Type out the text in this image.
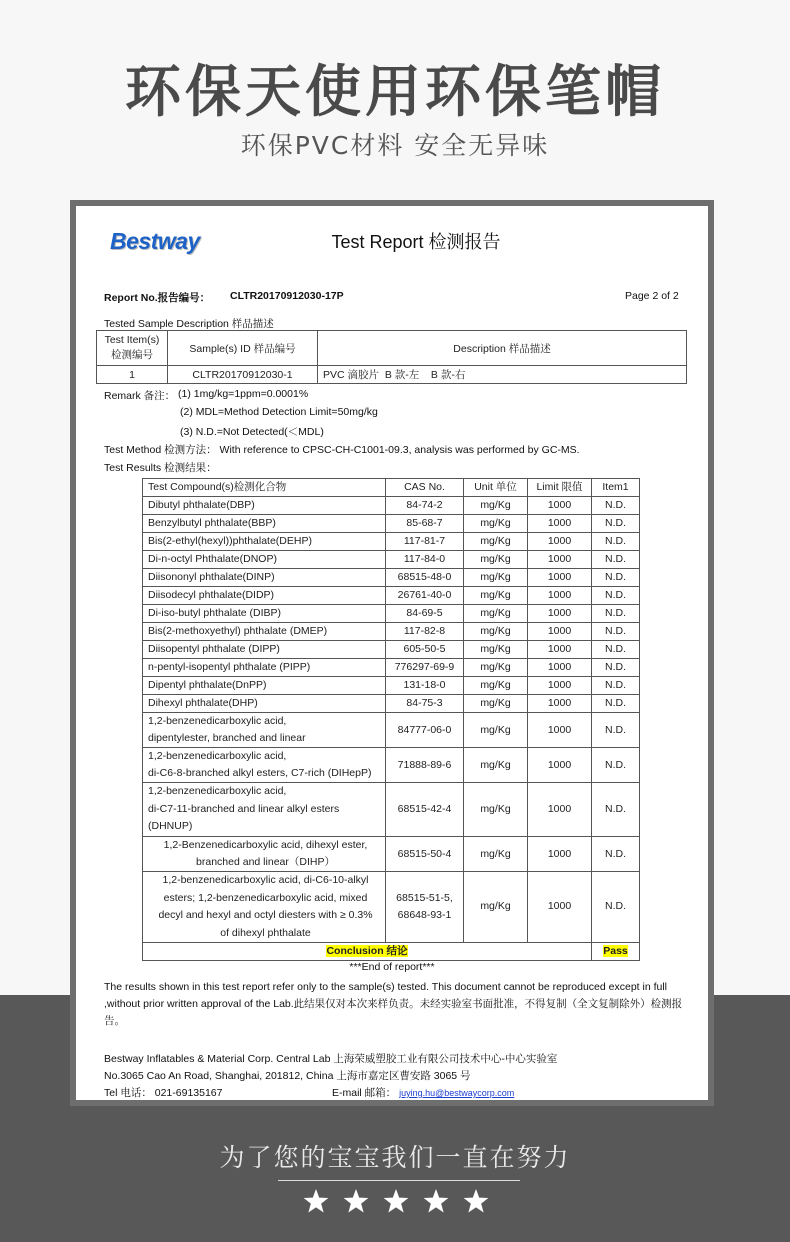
环保天使用环保笔帽
环保PVC材料 安全无异味
Bestway	Test Report 检测报告
Report No.报告编号： CLTR20170912030-17P	Page 2 of 2
Tested Sample Description 样品描述
Test Item(s)
检测编号	Sample(s) ID 样品编号	Description 样品描述
1	CLTR20170912030-1	PVC 滴胶片  B 款-左    B 款-右
Remark 备注： (1) 1mg/kg=1ppm=0.0001%
(2) MDL=Method Detection Limit=50mg/kg
(3) N.D.=Not Detected(＜MDL)
Test Method 检测方法： With reference to CPSC-CH-C1001-09.3, analysis was performed by GC-MS.
Test Results 检测结果：
Test Compound(s)检测化合物	CAS No.	Unit 单位	Limit 限值	Item1
Dibutyl phthalate(DBP)	84-74-2	mg/Kg	1000	N.D.
Benzylbutyl phthalate(BBP)	85-68-7	mg/Kg	1000	N.D.
Bis(2-ethyl(hexyl))phthalate(DEHP)	117-81-7	mg/Kg	1000	N.D.
Di-n-octyl Phthalate(DNOP)	117-84-0	mg/Kg	1000	N.D.
Diisononyl phthalate(DINP)	68515-48-0	mg/Kg	1000	N.D.
Diisodecyl phthalate(DIDP)	26761-40-0	mg/Kg	1000	N.D.
Di-iso-butyl phthalate (DIBP)	84-69-5	mg/Kg	1000	N.D.
Bis(2-methoxyethyl) phthalate (DMEP)	117-82-8	mg/Kg	1000	N.D.
Diisopentyl phthalate (DIPP)	605-50-5	mg/Kg	1000	N.D.
n-pentyl-isopentyl phthalate (PIPP)	776297-69-9	mg/Kg	1000	N.D.
Dipentyl phthalate(DnPP)	131-18-0	mg/Kg	1000	N.D.
Dihexyl phthalate(DHP)	84-75-3	mg/Kg	1000	N.D.
1,2-benzenedicarboxylic acid,
dipentylester, branched and linear	84777-06-0	mg/Kg	1000	N.D.
1,2-benzenedicarboxylic acid,
di-C6-8-branched alkyl esters, C7-rich (DIHepP)	71888-89-6	mg/Kg	1000	N.D.
1,2-benzenedicarboxylic acid,
di-C7-11-branched and linear alkyl esters
(DHNUP)	68515-42-4	mg/Kg	1000	N.D.
1,2-Benzenedicarboxylic acid, dihexyl ester,
branched and linear（DIHP）	68515-50-4	mg/Kg	1000	N.D.
1,2-benzenedicarboxylic acid, di-C6-10-alkyl
esters; 1,2-benzenedicarboxylic acid, mixed
decyl and hexyl and octyl diesters with ≥ 0.3%
of dihexyl phthalate	68515-51-5,
68648-93-1	mg/Kg	1000	N.D.
Conclusion 结论				Pass
***End of report***
The results shown in this test report refer only to the sample(s) tested. This document cannot be reproduced except in full ,without prior written approval of the Lab.此结果仅对本次来样负责。未经实验室书面批准，不得复制（全文复制除外）检测报告。
Bestway Inflatables & Material Corp. Central Lab 上海荣威塑胶工业有限公司技术中心-中心实验室
No.3065 Cao An Road, Shanghai, 201812, China 上海市嘉定区曹安路 3065 号
Tel 电话： 021-69135167	E-mail 邮箱： juying.hu@bestwaycorp.com
为了您的宝宝我们一直在努力
